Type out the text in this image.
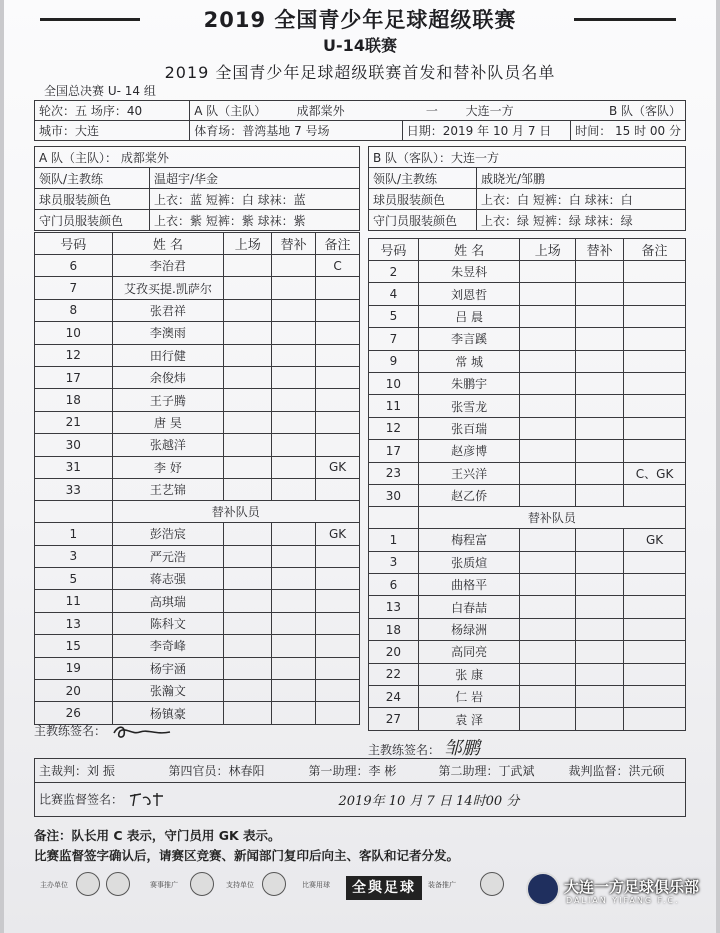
2019 全国青少年足球超级联赛
U-14联赛
2019 全国青少年足球超级联赛首发和替补队员名单
全国总决赛 U- 14 组
轮次：五 场序：40	A 队（主队）	成都棠外	一	大连一方	B 队（客队）
城市：大连	体育场：普湾基地 7 号场		日期：2019 年 10 月 7 日		时间： 15 时 00 分
A 队（主队）： 成都棠外	
领队/主教练	温超宇/华金
球员服装颜色	上衣：蓝 短裤：白 球袜：蓝
守门员服装颜色	上衣：紫 短裤：紫 球袜：紫
B 队（客队）：大连一方	
领队/主教练	戚晓光/邹鹏
球员服装颜色	上衣：白 短裤：白 球袜：白
守门员服装颜色	上衣：绿 短裤：绿 球袜：绿
号码	姓 名	上场	替补	备注
6	李治君			C
7	艾孜买提.凯萨尔			
8	张君祥			
10	李澳雨			
12	田行健			
17	余俊炜			
18	王子腾			
21	唐 昊			
30	张越洋			
31	李 妤			GK
33	王艺锦			
	替补队员			
1	彭浩宸			GK
3	严元浩			
5	蒋志强			
11	高琪瑞			
13	陈科文			
15	李奇峰			
19	杨宇涵			
20	张瀚文			
26	杨镇豪			
号码	姓 名	上场	替补	备注
2	朱昱科			
4	刘恩哲			
5	吕 晨			
7	李言蹊			
9	常 城			
10	朱鹏宇			
11	张雪龙			
12	张百瑞			
17	赵彦博			
23	王兴洋			C、GK
30	赵乙侨			
	替补队员			
1	梅程富			GK
3	张质煊			
6	曲格平			
13	白春喆			
18	杨绿洲			
20	高同亮			
22	张 康			
24	仁 岩			
27	袁 泽			
主教练签名：
主教练签名： 邹鹏
主裁判：刘 振	第四官员：林春阳	第一助理：李 彬	第二助理：丁武斌	裁判监督：洪元硕
比赛监督签名：		2019年 10 月 7 日 14时00 分		
备注：队长用 C 表示，守门员用 GK 表示。
比赛监督签字确认后，请赛区竞赛、新闻部门复印后向主、客队和记者分发。
主办单位	赛事推广	支持单位	比赛用球	装备推广
全與足球	大连一方足球俱乐部
DALIAN YIFANG F.C.
